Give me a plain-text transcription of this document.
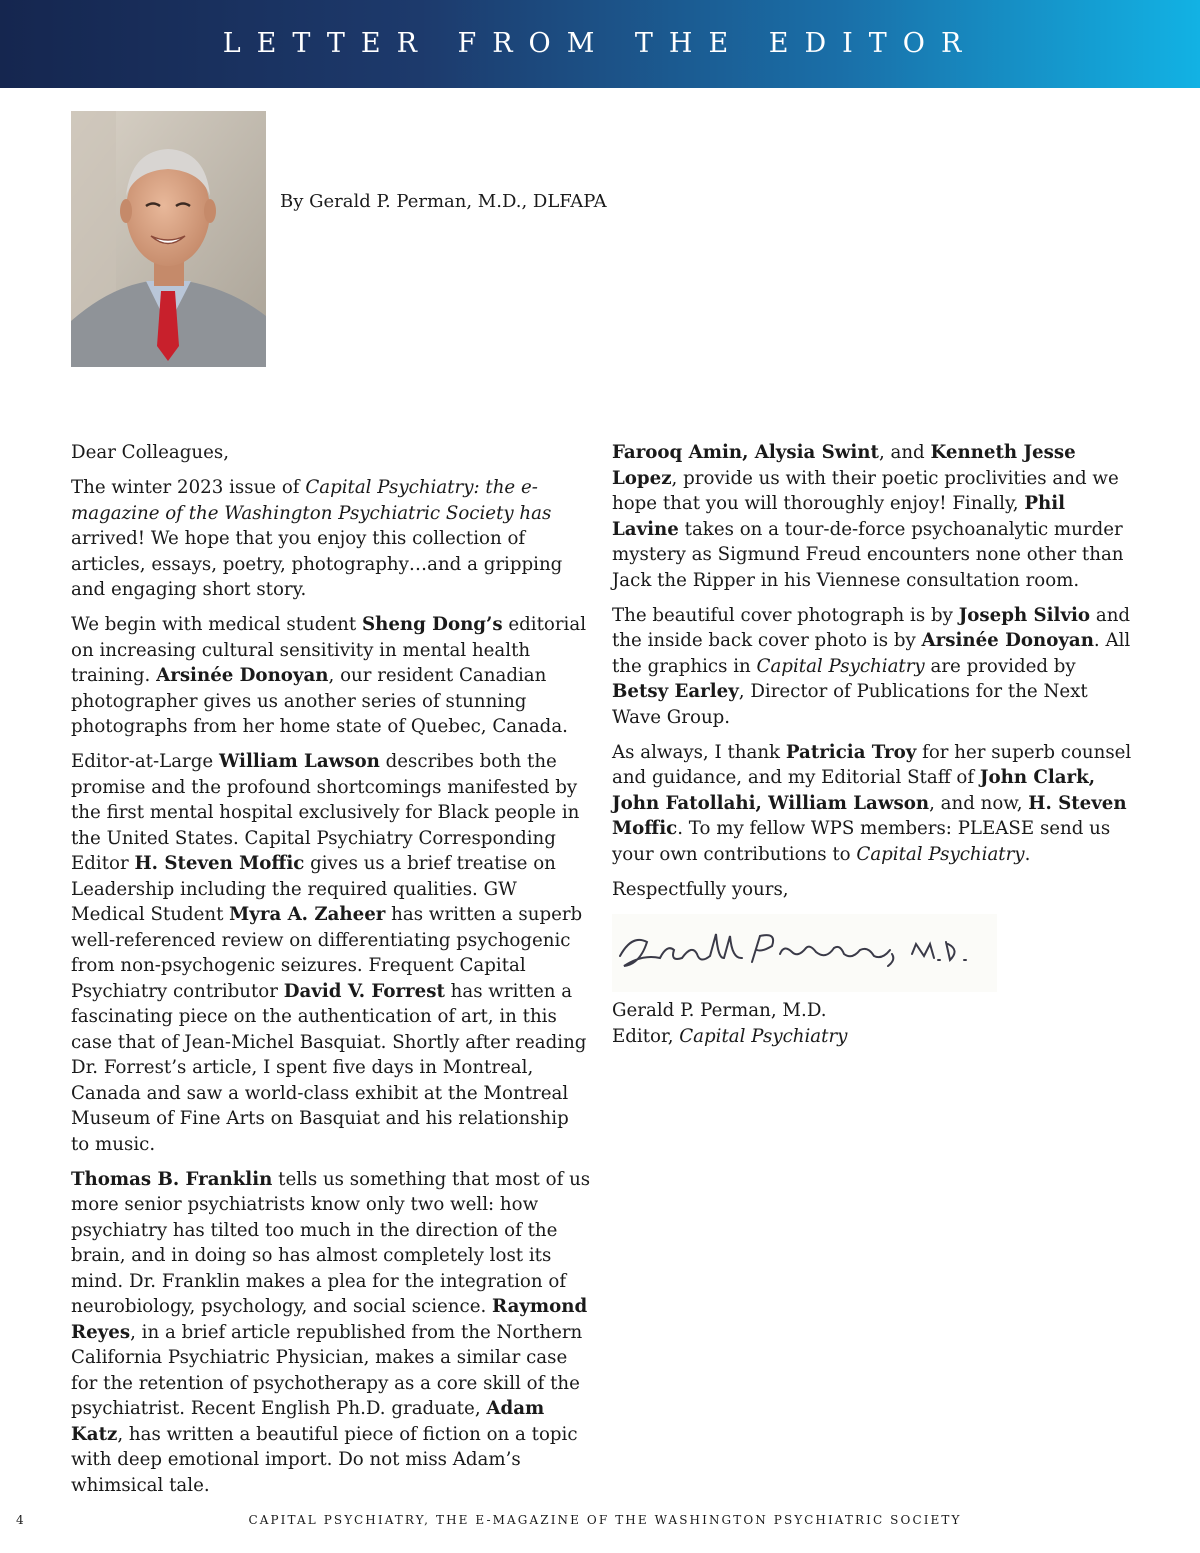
LETTER FROM THE EDITOR
By Gerald P. Perman, M.D., DLFAPA

Dear Colleagues,

The winter 2023 issue of Capital Psychiatry: the e-magazine of the Washington Psychiatric Society has arrived! We hope that you enjoy this collection of articles, essays, poetry, photography…and a gripping and engaging short story.

We begin with medical student Sheng Dong’s editorial on increasing cultural sensitivity in mental health training. Arsinée Donoyan, our resident Canadian photographer gives us another series of stunning photographs from her home state of Quebec, Canada.

Editor-at-Large William Lawson describes both the promise and the profound shortcomings manifested by the first mental hospital exclusively for Black people in the United States. Capital Psychiatry Corresponding Editor H. Steven Moffic gives us a brief treatise on Leadership including the required qualities. GW Medical Student Myra A. Zaheer has written a superb well-referenced review on differentiating psychogenic from non-psychogenic seizures. Frequent Capital Psychiatry contributor David V. Forrest has written a fascinating piece on the authentication of art, in this case that of Jean-Michel Basquiat. Shortly after reading Dr. Forrest’s article, I spent five days in Montreal, Canada and saw a world-class exhibit at the Montreal Museum of Fine Arts on Basquiat and his relationship to music.

Thomas B. Franklin tells us something that most of us more senior psychiatrists know only two well: how psychiatry has tilted too much in the direction of the brain, and in doing so has almost completely lost its mind. Dr. Franklin makes a plea for the integration of neurobiology, psychology, and social science. Raymond Reyes, in a brief article republished from the Northern California Psychiatric Physician, makes a similar case for the retention of psychotherapy as a core skill of the psychiatrist. Recent English Ph.D. graduate, Adam Katz, has written a beautiful piece of fiction on a topic with deep emotional import. Do not miss Adam’s whimsical tale.

Farooq Amin, Alysia Swint, and Kenneth Jesse Lopez, provide us with their poetic proclivities and we hope that you will thoroughly enjoy! Finally, Phil Lavine takes on a tour-de-force psychoanalytic murder mystery as Sigmund Freud encounters none other than Jack the Ripper in his Viennese consultation room.

The beautiful cover photograph is by Joseph Silvio and the inside back cover photo is by Arsinée Donoyan. All the graphics in Capital Psychiatry are provided by Betsy Earley, Director of Publications for the Next Wave Group.

As always, I thank Patricia Troy for her superb counsel and guidance, and my Editorial Staff of John Clark, John Fatollahi, William Lawson, and now, H. Steven Moffic. To my fellow WPS members: PLEASE send us your own contributions to Capital Psychiatry.

Respectfully yours,

Gerald P. Perman, M.D.
Editor, Capital Psychiatry

4	CAPITAL PSYCHIATRY, THE E-MAGAZINE OF THE WASHINGTON PSYCHIATRIC SOCIETY
